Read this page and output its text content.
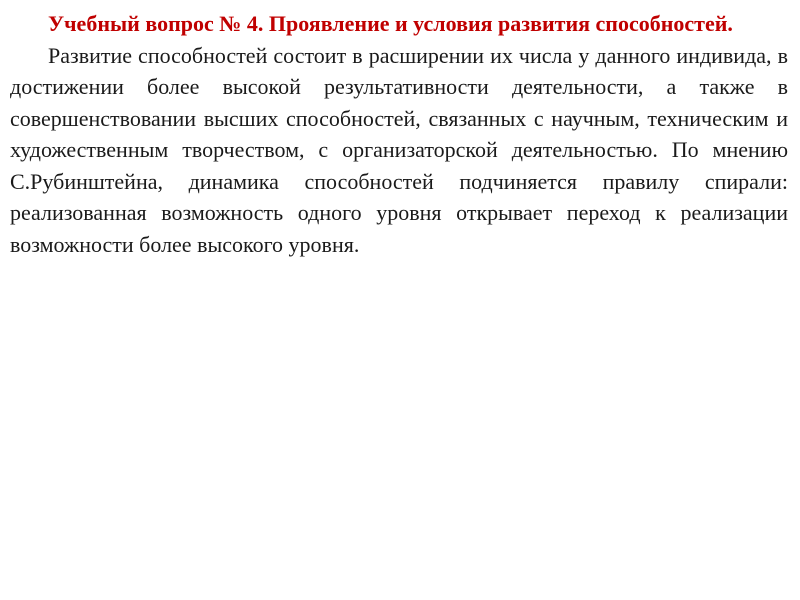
Учебный вопрос № 4. Проявление и условия развития способностей.

Развитие способностей состоит в расширении их числа у данного индивида, в достижении более высокой результативности деятельности, а также в совершенствовании высших способностей, связанных с научным, техническим и художественным творчеством, с организаторской деятельностью. По мнению С.Рубинштейна, динамика способностей подчиняется правилу спирали: реализованная возможность одного уровня открывает переход к реализации возможности более высокого уровня.
